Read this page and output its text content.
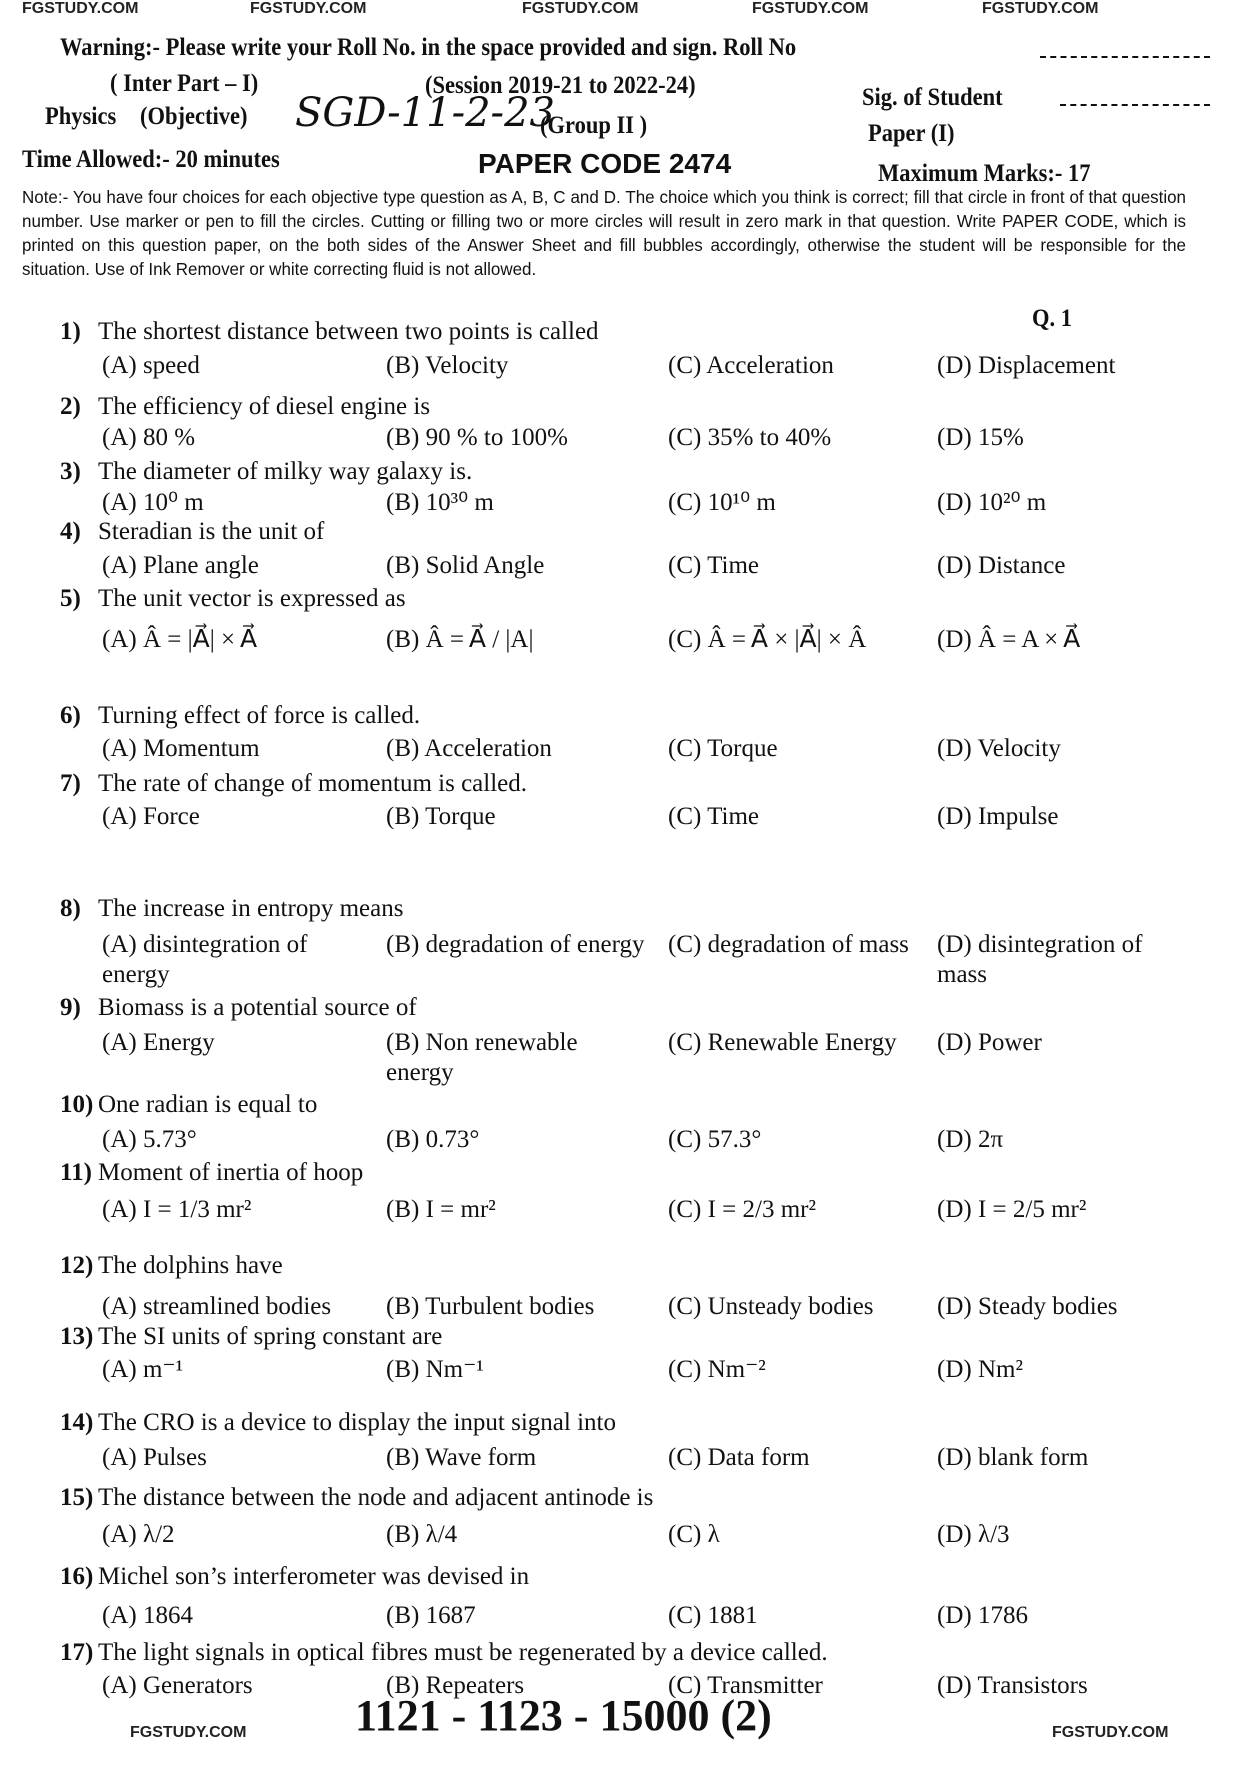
FGSTUDY.COM	FGSTUDY.COM	FGSTUDY.COM	FGSTUDY.COM	FGSTUDY.COM
Warning:- Please write your Roll No. in the space provided and sign. Roll No
( Inter Part – I)	(Session 2019-21 to 2022-24)	Sig. of Student
Physics (Objective) SGD-11-2-23
(Group II )	Paper (I)
Time Allowed:- 20 minutes	PAPER CODE 2474	Maximum Marks:- 17
Note:- You have four choices for each objective type question as A, B, C and D. The choice which you think is correct; fill that circle in front of that question number. Use marker or pen to fill the circles. Cutting or filling two or more circles will result in zero mark in that question. Write PAPER CODE, which is printed on this question paper, on the both sides of the Answer Sheet and fill bubbles accordingly, otherwise the student will be responsible for the situation. Use of Ink Remover or white correcting fluid is not allowed.
Q. 1
1) The shortest distance between two points is called
(A) speed	(B) Velocity	(C) Acceleration	(D) Displacement
2) The efficiency of diesel engine is
(A) 80 %	(B) 90 % to 100%	(C) 35% to 40%	(D) 15%
3) The diameter of milky way galaxy is.
(A) 10⁰ m	(B) 10³⁰ m	(C) 10¹⁰ m	(D) 10²⁰ m
4) Steradian is the unit of
(A) Plane angle	(B) Solid Angle	(C) Time	(D) Distance
5) The unit vector is expressed as
(A) Â = |A⃗| × A⃗	(B) Â = A⃗ / |A|	(C) Â = A⃗ × |A⃗| × Â	(D) Â = A × A⃗
6) Turning effect of force is called.
(A) Momentum	(B) Acceleration	(C) Torque	(D) Velocity
7) The rate of change of momentum is called.
(A) Force	(B) Torque	(C) Time	(D) Impulse
8) The increase in entropy means
(A) disintegration of energy
(B) degradation of energy (C) degradation of mass	(D) disintegration of mass
9) Biomass is a potential source of
(A) Energy	(B) Non renewable energy
(C) Renewable Energy (D) Power
10) One radian is equal to
(A) 5.73°	(B) 0.73°	(C) 57.3°	(D) 2π
11) Moment of inertia of hoop
(A) I = 1/3 mr²	(B) I = mr²	(C) I = 2/3 mr²	(D) I = 2/5 mr²
12) The dolphins have
(A) streamlined bodies	(B) Turbulent bodies	(C) Unsteady bodies	(D) Steady bodies
13) The SI units of spring constant are
(A) m⁻¹	(B) Nm⁻¹	(C) Nm⁻²	(D) Nm²
14) The CRO is a device to display the input signal into
(A) Pulses	(B) Wave form	(C) Data form	(D) blank form
15) The distance between the node and adjacent antinode is
(A) λ/2	(B) λ/4	(C) λ	(D) λ/3
16) Michel son’s interferometer was devised in
(A) 1864	(B) 1687	(C) 1881	(D) 1786
17) The light signals in optical fibres must be regenerated by a device called.
(A) Generators	(B) Repeaters	(C) Transmitter	(D) Transistors
1121 - 1123 - 15000 (2)
FGSTUDY.COM	FGSTUDY.COM
